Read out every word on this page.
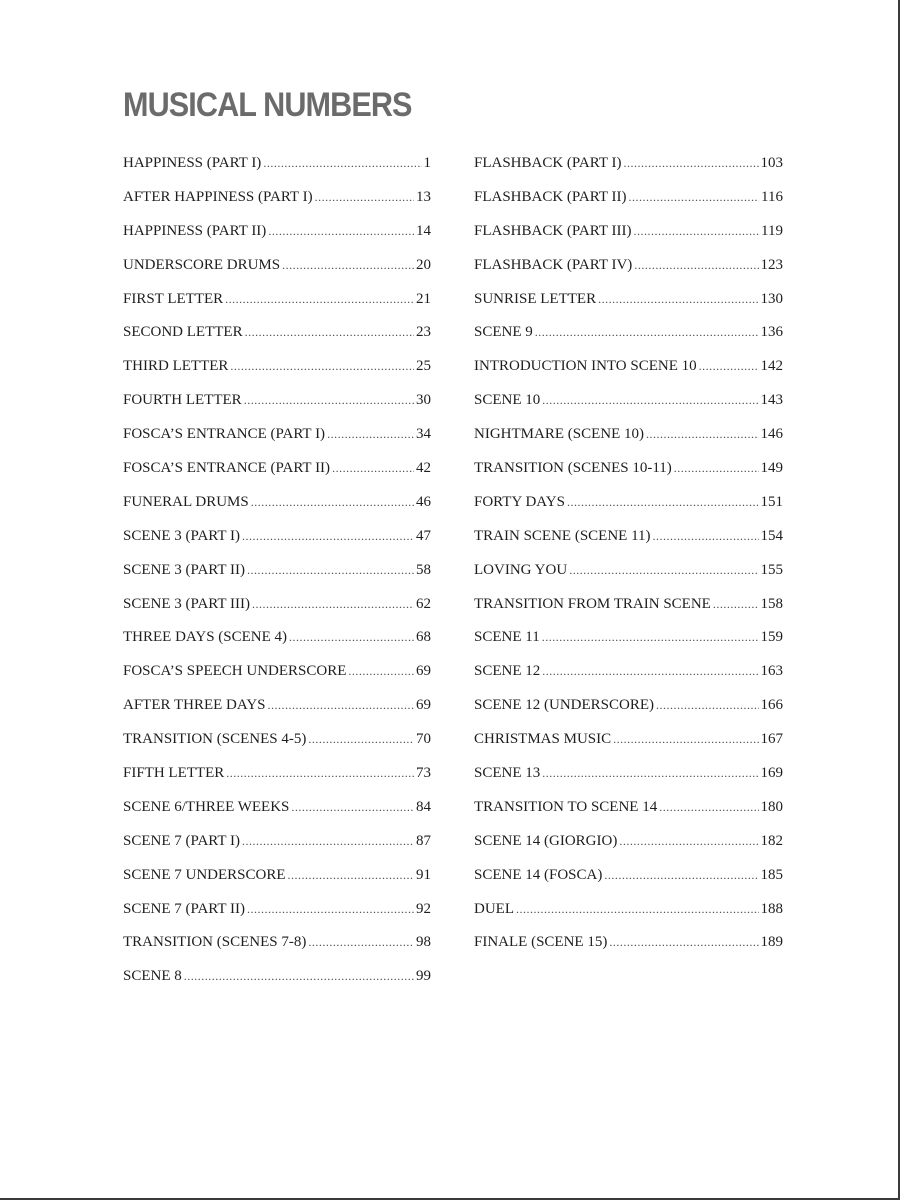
MUSICAL NUMBERS
HAPPINESS (PART I) .....	1
AFTER HAPPINESS (PART I) .....	13
HAPPINESS (PART II) .....	14
UNDERSCORE DRUMS .....	20
FIRST LETTER .....	21
SECOND LETTER .....	23
THIRD LETTER .....	25
FOURTH LETTER .....	30
FOSCA’S ENTRANCE (PART I) .....	34
FOSCA’S ENTRANCE (PART II) .....	42
FUNERAL DRUMS .....	46
SCENE 3 (PART I) .....	47
SCENE 3 (PART II) .....	58
SCENE 3 (PART III) .....	62
THREE DAYS (SCENE 4) .....	68
FOSCA’S SPEECH UNDERSCORE .....	69
AFTER THREE DAYS .....	69
TRANSITION (SCENES 4-5) .....	70
FIFTH LETTER .....	73
SCENE 6/THREE WEEKS .....	84
SCENE 7 (PART I) .....	87
SCENE 7 UNDERSCORE .....	91
SCENE 7 (PART II) .....	92
TRANSITION (SCENES 7-8) .....	98
SCENE 8 .....	99
FLASHBACK (PART I) .....	103
FLASHBACK (PART II) .....	116
FLASHBACK (PART III) .....	119
FLASHBACK (PART IV) .....	123
SUNRISE LETTER .....	130
SCENE 9 .....	136
INTRODUCTION INTO SCENE 10 .....	142
SCENE 10 .....	143
NIGHTMARE (SCENE 10) .....	146
TRANSITION (SCENES 10-11) .....	149
FORTY DAYS .....	151
TRAIN SCENE (SCENE 11) .....	154
LOVING YOU .....	155
TRANSITION FROM TRAIN SCENE .....	158
SCENE 11 .....	159
SCENE 12 .....	163
SCENE 12 (UNDERSCORE) .....	166
CHRISTMAS MUSIC .....	167
SCENE 13 .....	169
TRANSITION TO SCENE 14 .....	180
SCENE 14 (GIORGIO) .....	182
SCENE 14 (FOSCA) .....	185
DUEL .....	188
FINALE (SCENE 15) .....	189
